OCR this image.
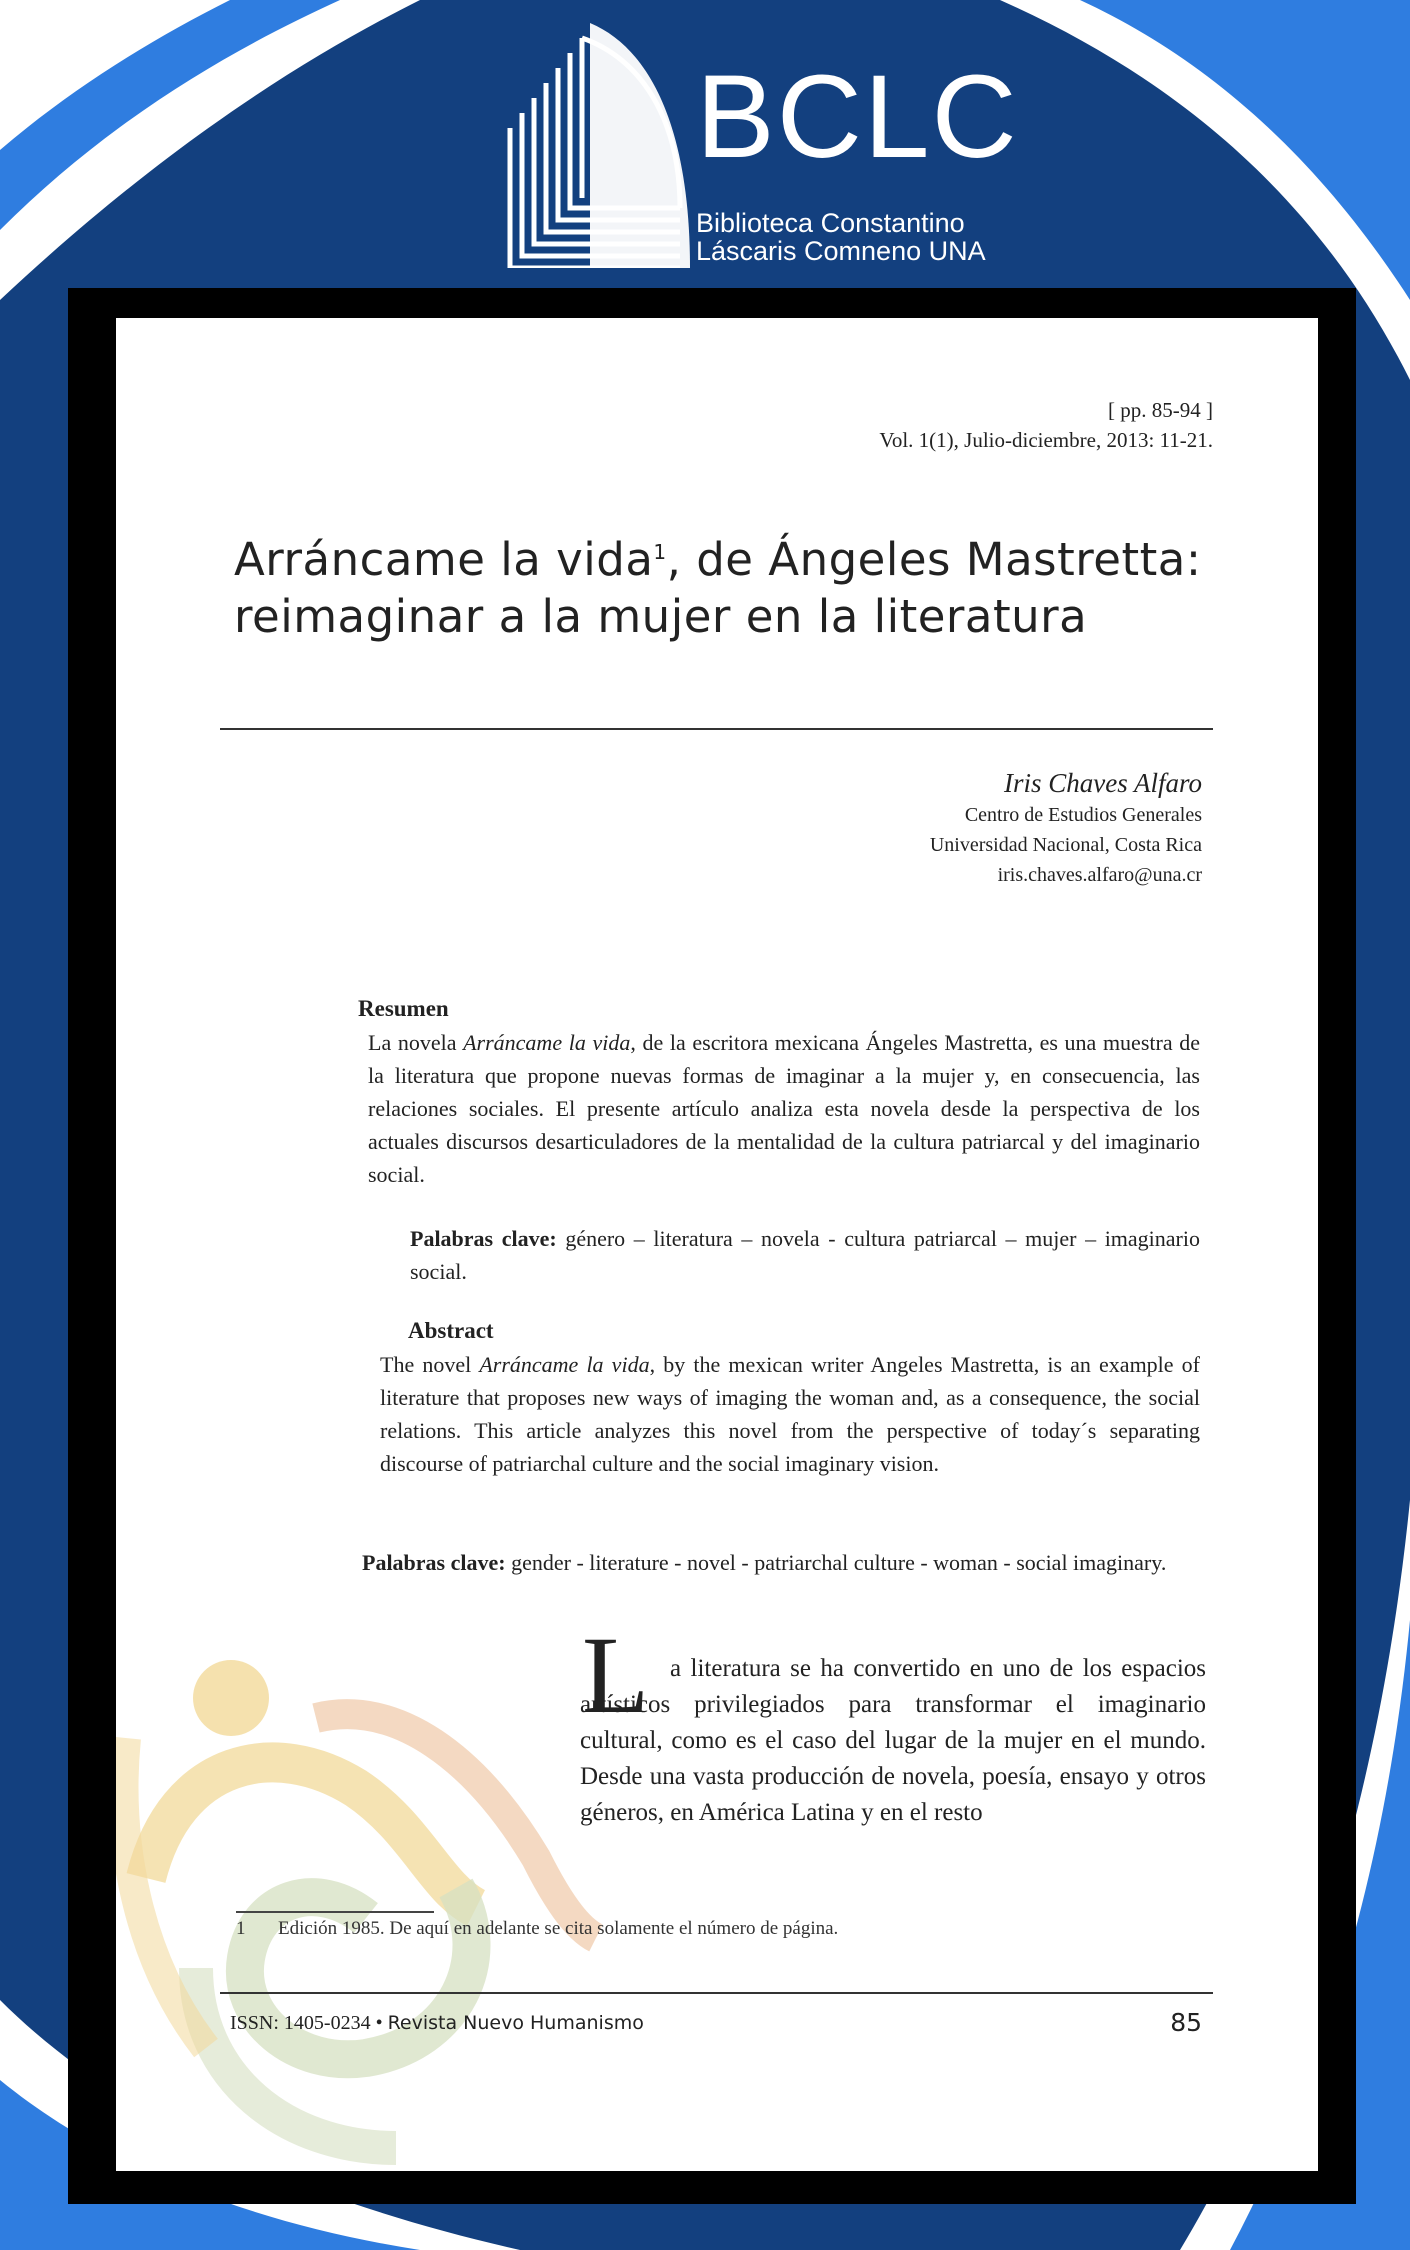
BCLC
Biblioteca Constantino
Láscaris Comneno UNA
[ pp. 85-94 ]
Vol. 1(1), Julio-diciembre, 2013: 11-21.
Arráncame la vida$^1$, de Ángeles Mastretta: reimaginar a la mujer en la literatura
Iris Chaves Alfaro
Centro de Estudios Generales
Universidad Nacional, Costa Rica
iris.chaves.alfaro@una.cr
Resumen
La novela Arráncame la vida, de la escritora mexicana Ángeles Mastretta, es una muestra de la literatura que propone nuevas formas de imaginar a la mujer y, en consecuencia, las relaciones sociales. El presente artículo analiza esta novela desde la perspectiva de los actuales discursos desarticuladores de la mentalidad de la cultura patriarcal y del imaginario social.
Palabras clave: género – literatura – novela - cultura patriarcal – mujer – imaginario social.
Abstract
The novel Arráncame la vida, by the mexican writer Angeles Mastretta, is an example of literature that proposes new ways of imaging the woman and, as a consequence, the social relations. This article analyzes this novel from the perspective of today´s separating discourse of patriarchal culture and the social imaginary vision.
Palabras clave: gender - literature - novel - patriarchal culture - woman - social imaginary.
L a literatura se ha convertido en uno de los espacios artísticos privilegiados para transformar el imaginario cultural, como es el caso del lugar de la mujer en el mundo. Desde una vasta producción de novela, poesía, ensayo y otros géneros, en América Latina y en el resto
1 Edición 1985. De aquí en adelante se cita solamente el número de página.
ISSN: 1405-0234 • Revista Nuevo Humanismo	85
